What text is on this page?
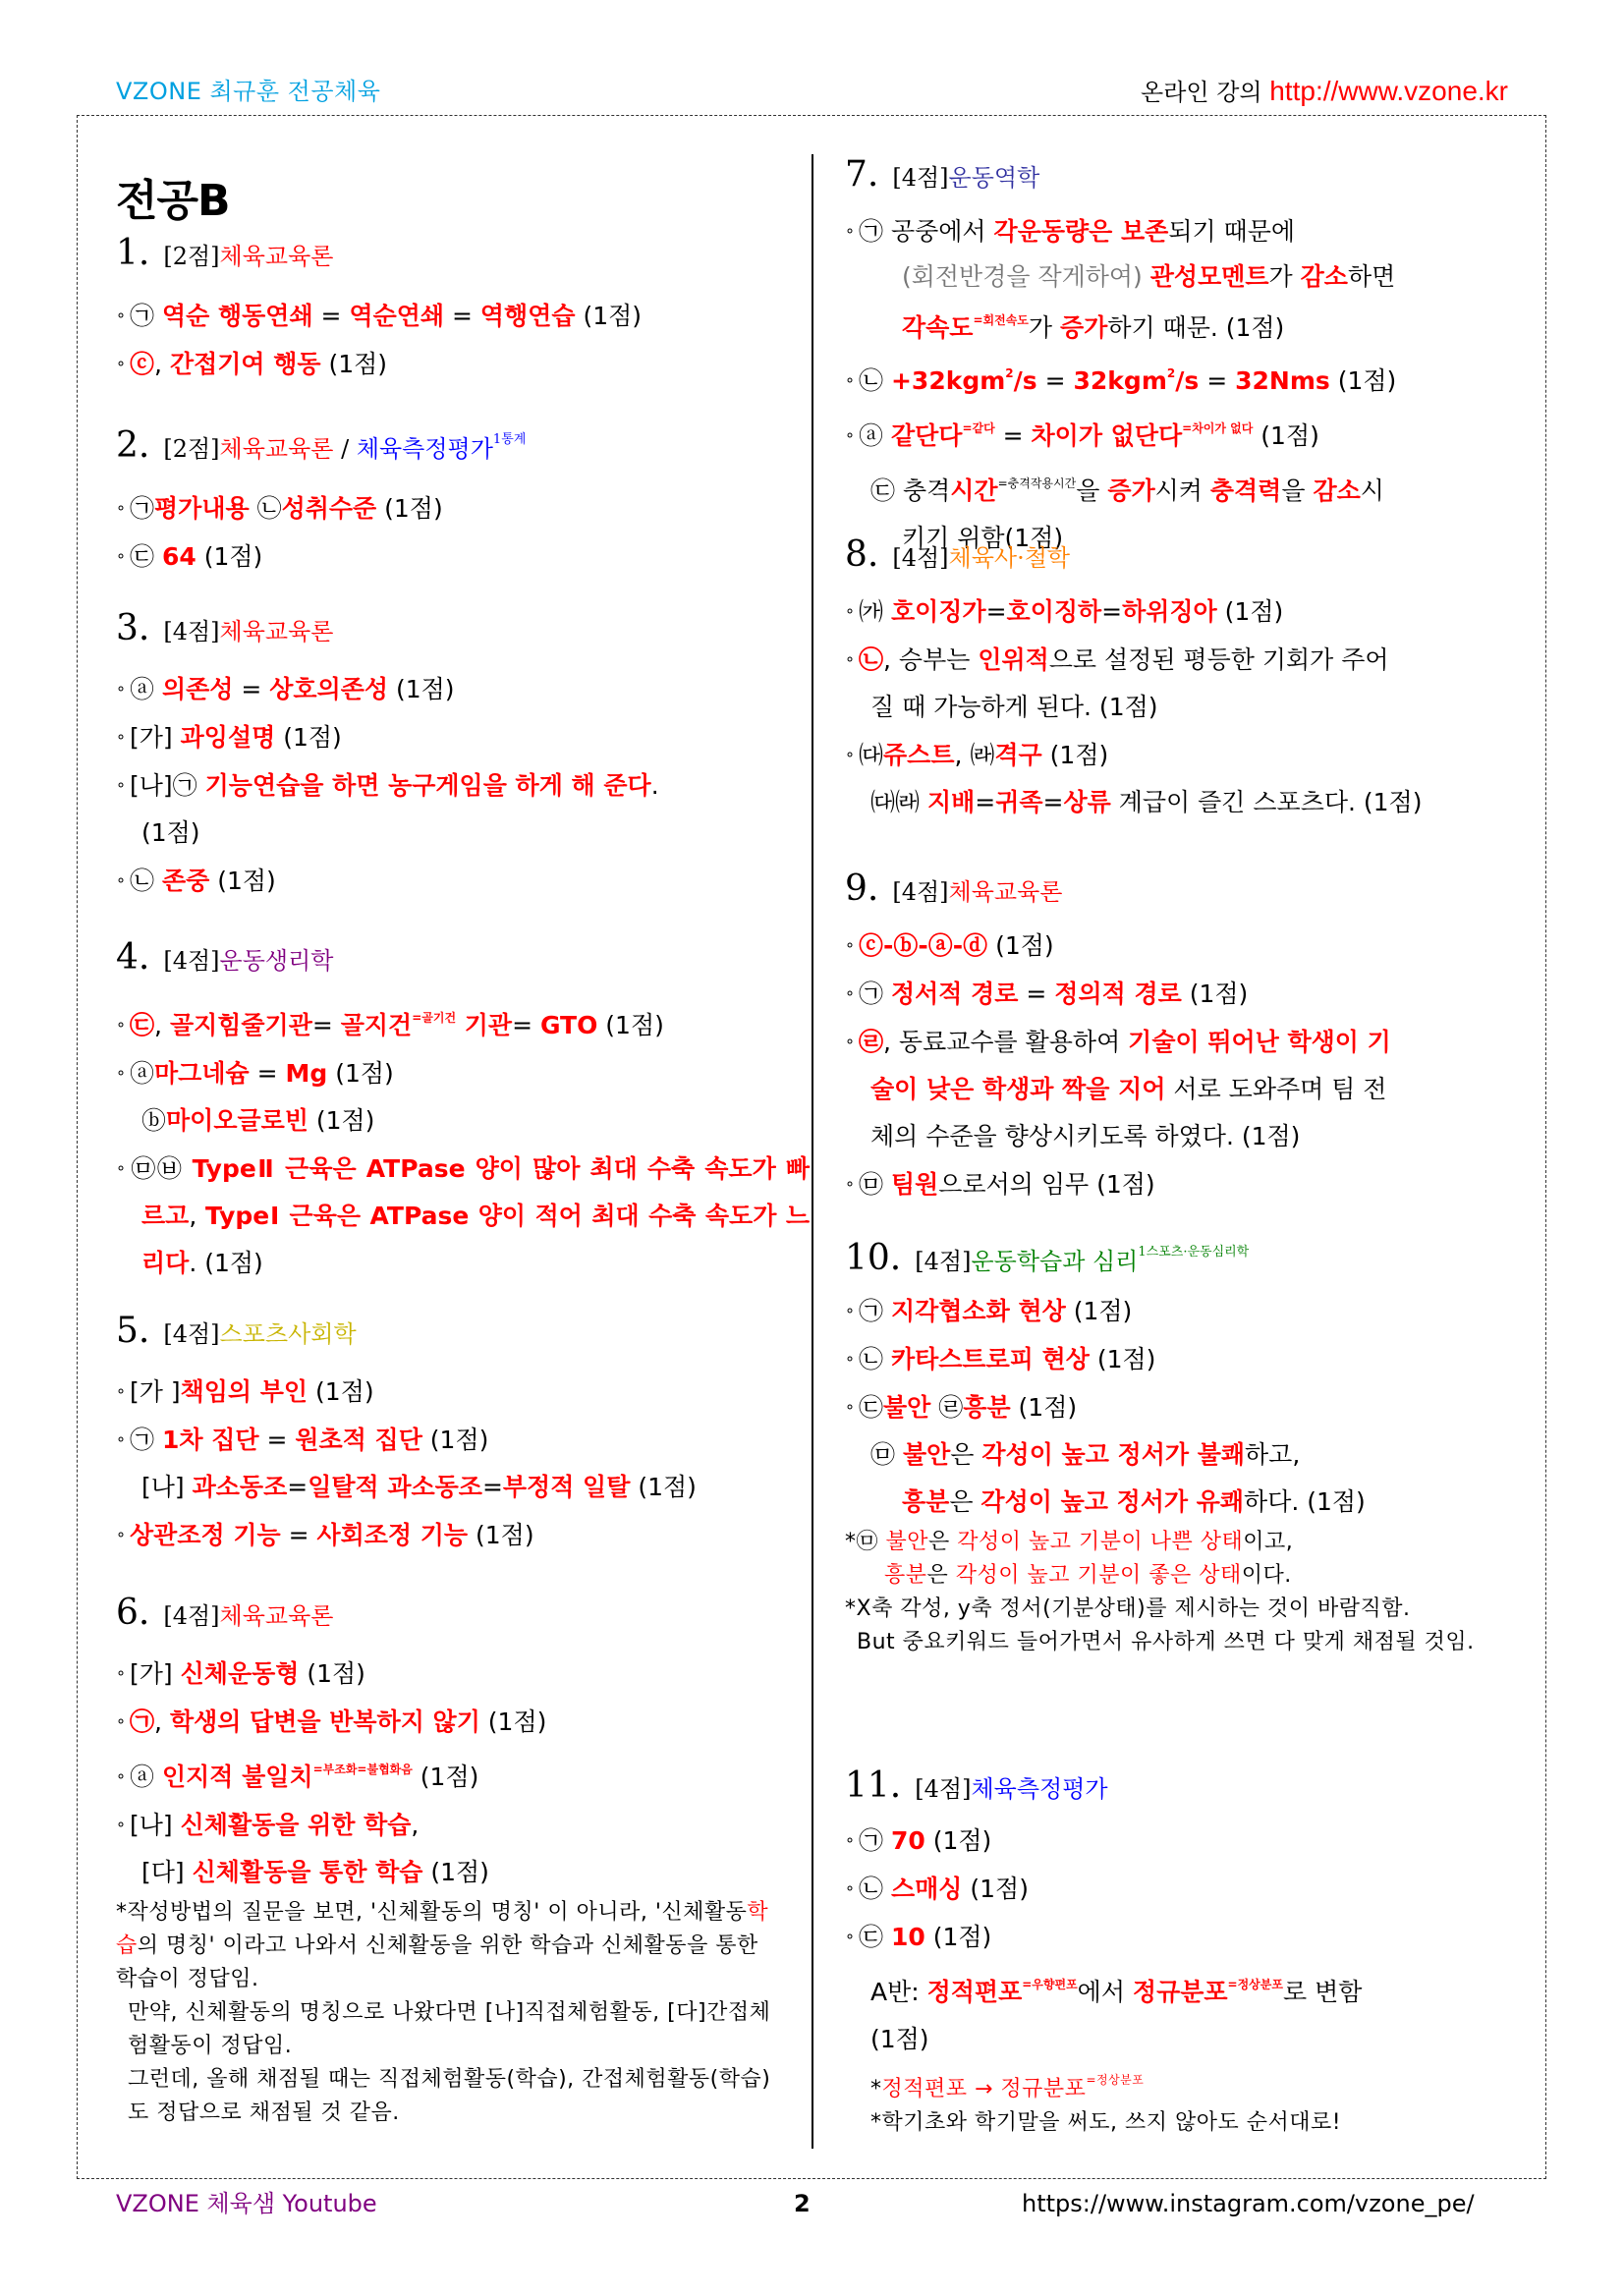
VZONE 최규훈 전공체육	온라인 강의 http://www.vzone.kr
전공B
1. [2점]체육교육론
∘ ㉠ 역순 행동연쇄 = 역순연쇄 = 역행연습 (1점)
∘ ⓒ, 간접기여 행동 (1점)
2. [2점]체육교육론 / 체육측정평가$^{1통계}$
∘ ㉠평가내용 ㉡성취수준 (1점)
∘ ㉢ 64 (1점)
3. [4점]체육교육론
∘ ⓐ 의존성 = 상호의존성 (1점)
∘ [가] 과잉설명 (1점)
∘ [나]㉠ 기능연습을 하면 농구게임을 하게 해 준다.
(1점)
∘ ㉡ 존중 (1점)
4. [4점]운동생리학
∘ ㉢, 골지힘줄기관= 골지건$^{=골기건}$ 기관= GTO (1점)
∘ ⓐ마그네슘 = Mg (1점)
ⓑ마이오글로빈 (1점)
∘ ㉤㉥ TypeⅡ 근육은 ATPase 양이 많아 최대 수축 속도가 빠르고, TypeⅠ 근육은 ATPase 양이 적어 최대 수축 속도가 느리다. (1점)
5. [4점]스포츠사회학
∘ [가 ]책임의 부인 (1점)
∘ ㉠ 1차 집단 = 원초적 집단 (1점)
[나] 과소동조=일탈적 과소동조=부정적 일탈 (1점)
∘ 상관조정 기능 = 사회조정 기능 (1점)
6. [4점]체육교육론
∘ [가] 신체운동형 (1점)
∘ ㉠, 학생의 답변을 반복하지 않기 (1점)
∘ ⓐ 인지적 불일치$^{=부조화=불협화음}$ (1점)
∘ [나] 신체활동을 위한 학습,
[다] 신체활동을 통한 학습 (1점)
*작성방법의 질문을 보면, '신체활동의 명칭' 이 아니라, '신체활동학습의 명칭' 이라고 나와서 신체활동을 위한 학습과 신체활동을 통한 학습이 정답임.
만약, 신체활동의 명칭으로 나왔다면 [나]직접체험활동, [다]간접체험활동이 정답임.
그런데, 올해 채점될 때는 직접체험활동(학습), 간접체험활동(학습)도 정답으로 채점될 것 같음.
7. [4점]운동역학
∘ ㉠ 공중에서 각운동량은 보존되기 때문에
(회전반경을 작게하여) 관성모멘트가 감소하면
각속도$^{=회전속도}$가 증가하기 때문. (1점)
∘ ㉡ +32kgm$^2$/s = 32kgm$^2$/s = 32Nms (1점)
∘ ⓐ 같단다$^{=같다}$ = 차이가 없단다$^{=차이가 없다}$ (1점)
㉢ 충격시간$^{=충격작용시간}$을 증가시켜 충격력을 감소시
키기 위함(1점)
8. [4점]체육사·철학
∘ ㈎ 호이징가=호이징하=하위징아 (1점)
∘ ㉡, 승부는 인위적으로 설정된 평등한 기회가 주어
질 때 가능하게 된다. (1점)
∘ ㈐쥬스트, ㈑격구 (1점)
㈐㈑ 지배=귀족=상류 계급이 즐긴 스포츠다. (1점)
9. [4점]체육교육론
∘ ⓒ-ⓑ-ⓐ-ⓓ (1점)
∘ ㉠ 정서적 경로 = 정의적 경로 (1점)
∘ ㉣, 동료교수를 활용하여 기술이 뛰어난 학생이 기
술이 낮은 학생과 짝을 지어 서로 도와주며 팀 전
체의 수준을 향상시키도록 하였다. (1점)
∘ ㉤ 팀원으로서의 임무 (1점)
10. [4점]운동학습과 심리$^{1스포츠\cdot 운동심리학}$
∘ ㉠ 지각협소화 현상 (1점)
∘ ㉡ 카타스트로피 현상 (1점)
∘ ㉢불안 ㉣흥분 (1점)
㉤ 불안은 각성이 높고 정서가 불쾌하고,
흥분은 각성이 높고 정서가 유쾌하다. (1점)
*㉤ 불안은 각성이 높고 기분이 나쁜 상태이고,
흥분은 각성이 높고 기분이 좋은 상태이다.
*X축 각성, y축 정서(기분상태)를 제시하는 것이 바람직함.
But 중요키워드 들어가면서 유사하게 쓰면 다 맞게 채점될 것임.
11. [4점]체육측정평가
∘ ㉠ 70 (1점)
∘ ㉡ 스매싱 (1점)
∘ ㉢ 10 (1점)
A반: 정적편포$^{=우향편포}$에서 정규분포$^{=정상분포}$로 변함
(1점)
*정적편포 → 정규분포$^{=정상분포}$
*학기초와 학기말을 써도, 쓰지 않아도 순서대로!
VZONE 체육샘 Youtube	2	https://www.instagram.com/vzone_pe/
